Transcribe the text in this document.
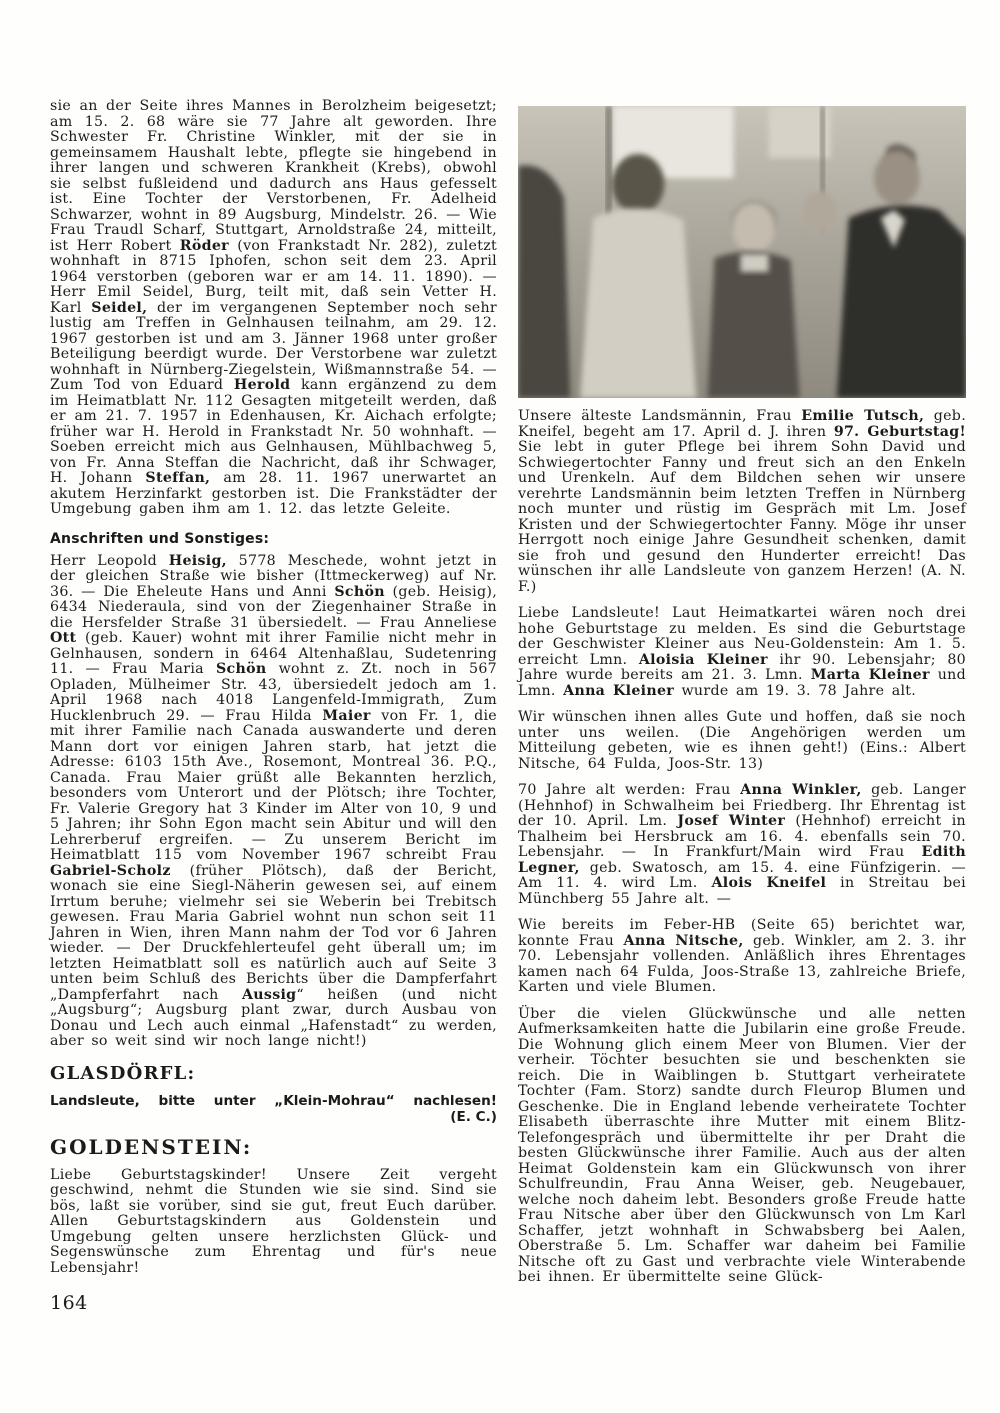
sie an der Seite ihres Mannes in Berolzheim beigesetzt; am 15. 2. 68 wäre sie 77 Jahre alt geworden. Ihre Schwester Fr. Christine Winkler, mit der sie in gemeinsamem Haushalt lebte, pflegte sie hingebend in ihrer langen und schweren Krankheit (Krebs), obwohl sie selbst fußleidend und dadurch ans Haus gefesselt ist. Eine Tochter der Verstorbenen, Fr. Adelheid Schwarzer, wohnt in 89 Augsburg, Mindelstr. 26. — Wie Frau Traudl Scharf, Stuttgart, Arnoldstraße 24, mitteilt, ist Herr Robert Röder (von Frankstadt Nr. 282), zuletzt wohnhaft in 8715 Iphofen, schon seit dem 23. April 1964 verstorben (geboren war er am 14. 11. 1890). — Herr Emil Seidel, Burg, teilt mit, daß sein Vetter H. Karl Seidel, der im vergangenen September noch sehr lustig am Treffen in Gelnhausen teilnahm, am 29. 12. 1967 gestorben ist und am 3. Jänner 1968 unter großer Beteiligung beerdigt wurde. Der Verstorbene war zuletzt wohnhaft in Nürnberg-Ziegelstein, Wißmannstraße 54. — Zum Tod von Eduard Herold kann ergänzend zu dem im Heimatblatt Nr. 112 Gesagten mitgeteilt werden, daß er am 21. 7. 1957 in Edenhausen, Kr. Aichach erfolgte; früher war H. Herold in Frankstadt Nr. 50 wohnhaft. — Soeben erreicht mich aus Gelnhausen, Mühlbachweg 5, von Fr. Anna Steffan die Nachricht, daß ihr Schwager, H. Johann Steffan, am 28. 11. 1967 unerwartet an akutem Herzinfarkt gestorben ist. Die Frankstädter der Umgebung gaben ihm am 1. 12. das letzte Geleite.

Anschriften und Sonstiges:

Herr Leopold Heisig, 5778 Meschede, wohnt jetzt in der gleichen Straße wie bisher (Ittmeckerweg) auf Nr. 36. — Die Eheleute Hans und Anni Schön (geb. Heisig), 6434 Niederaula, sind von der Ziegenhainer Straße in die Hersfelder Straße 31 übersiedelt. — Frau Anneliese Ott (geb. Kauer) wohnt mit ihrer Familie nicht mehr in Gelnhausen, sondern in 6464 Altenhaßlau, Sudetenring 11. — Frau Maria Schön wohnt z. Zt. noch in 567 Opladen, Mülheimer Str. 43, übersiedelt jedoch am 1. April 1968 nach 4018 Langenfeld-Immigrath, Zum Hucklenbruch 29. — Frau Hilda Maier von Fr. 1, die mit ihrer Familie nach Canada auswanderte und deren Mann dort vor einigen Jahren starb, hat jetzt die Adresse: 6103 15th Ave., Rosemont, Montreal 36. P.Q., Canada. Frau Maier grüßt alle Bekannten herzlich, besonders vom Unterort und der Plötsch; ihre Tochter, Fr. Valerie Gregory hat 3 Kinder im Alter von 10, 9 und 5 Jahren; ihr Sohn Egon macht sein Abitur und will den Lehrerberuf ergreifen. — Zu unserem Bericht im Heimatblatt 115 vom November 1967 schreibt Frau Gabriel-Scholz (früher Plötsch), daß der Bericht, wonach sie eine Siegl-Näherin gewesen sei, auf einem Irrtum beruhe; vielmehr sei sie Weberin bei Trebitsch gewesen. Frau Maria Gabriel wohnt nun schon seit 11 Jahren in Wien, ihren Mann nahm der Tod vor 6 Jahren wieder. — Der Druckfehlerteufel geht überall um; im letzten Heimatblatt soll es natürlich auch auf Seite 3 unten beim Schluß des Berichts über die Dampferfahrt „Dampferfahrt nach Aussig“ heißen (und nicht „Augsburg“; Augsburg plant zwar, durch Ausbau von Donau und Lech auch einmal „Hafenstadt“ zu werden, aber so weit sind wir noch lange nicht!)

GLASDÖRFL:

Landsleute, bitte unter „Klein-Mohrau“ nachlesen!

(E. C.)

GOLDENSTEIN:

Liebe Geburtstagskinder! Unsere Zeit vergeht geschwind, nehmt die Stunden wie sie sind. Sind sie bös, laßt sie vorüber, sind sie gut, freut Euch darüber. Allen Geburtstagskindern aus Goldenstein und Umgebung gelten unsere herzlichsten Glück- und Segenswünsche zum Ehrentag und für's neue Lebensjahr!

Unsere älteste Landsmännin, Frau Emilie Tutsch, geb. Kneifel, begeht am 17. April d. J. ihren 97. Geburtstag! Sie lebt in guter Pflege bei ihrem Sohn David und Schwiegertochter Fanny und freut sich an den Enkeln und Urenkeln. Auf dem Bildchen sehen wir unsere verehrte Landsmännin beim letzten Treffen in Nürnberg noch munter und rüstig im Gespräch mit Lm. Josef Kristen und der Schwiegertochter Fanny. Möge ihr unser Herrgott noch einige Jahre Gesundheit schenken, damit sie froh und gesund den Hunderter erreicht! Das wünschen ihr alle Landsleute von ganzem Herzen! (A. N. F.)

Liebe Landsleute! Laut Heimatkartei wären noch drei hohe Geburtstage zu melden. Es sind die Geburtstage der Geschwister Kleiner aus Neu-Goldenstein: Am 1. 5. erreicht Lmn. Aloisia Kleiner ihr 90. Lebensjahr; 80 Jahre wurde bereits am 21. 3. Lmn. Marta Kleiner und Lmn. Anna Kleiner wurde am 19. 3. 78 Jahre alt.

Wir wünschen ihnen alles Gute und hoffen, daß sie noch unter uns weilen. (Die Angehörigen werden um Mitteilung gebeten, wie es ihnen geht!) (Eins.: Albert Nitsche, 64 Fulda, Joos-Str. 13)

70 Jahre alt werden: Frau Anna Winkler, geb. Langer (Hehnhof) in Schwalheim bei Friedberg. Ihr Ehrentag ist der 10. April. Lm. Josef Winter (Hehnhof) erreicht in Thalheim bei Hersbruck am 16. 4. ebenfalls sein 70. Lebensjahr. — In Frankfurt/Main wird Frau Edith Legner, geb. Swatosch, am 15. 4. eine Fünfzigerin. — Am 11. 4. wird Lm. Alois Kneifel in Streitau bei Münchberg 55 Jahre alt. —

Wie bereits im Feber-HB (Seite 65) berichtet war, konnte Frau Anna Nitsche, geb. Winkler, am 2. 3. ihr 70. Lebensjahr vollenden. Anläßlich ihres Ehrentages kamen nach 64 Fulda, Joos-Straße 13, zahlreiche Briefe, Karten und viele Blumen.

Über die vielen Glückwünsche und alle netten Aufmerksamkeiten hatte die Jubilarin eine große Freude. Die Wohnung glich einem Meer von Blumen. Vier der verheir. Töchter besuchten sie und beschenkten sie reich. Die in Waiblingen b. Stuttgart verheiratete Tochter (Fam. Storz) sandte durch Fleurop Blumen und Geschenke. Die in England lebende verheiratete Tochter Elisabeth überraschte ihre Mutter mit einem Blitz-Telefongespräch und übermittelte ihr per Draht die besten Glückwünsche ihrer Familie. Auch aus der alten Heimat Goldenstein kam ein Glückwunsch von ihrer Schulfreundin, Frau Anna Weiser, geb. Neugebauer, welche noch daheim lebt. Besonders große Freude hatte Frau Nitsche aber über den Glückwunsch von Lm Karl Schaffer, jetzt wohnhaft in Schwabsberg bei Aalen, Oberstraße 5. Lm. Schaffer war daheim bei Familie Nitsche oft zu Gast und verbrachte viele Winterabende bei ihnen. Er übermittelte seine Glück-

164
